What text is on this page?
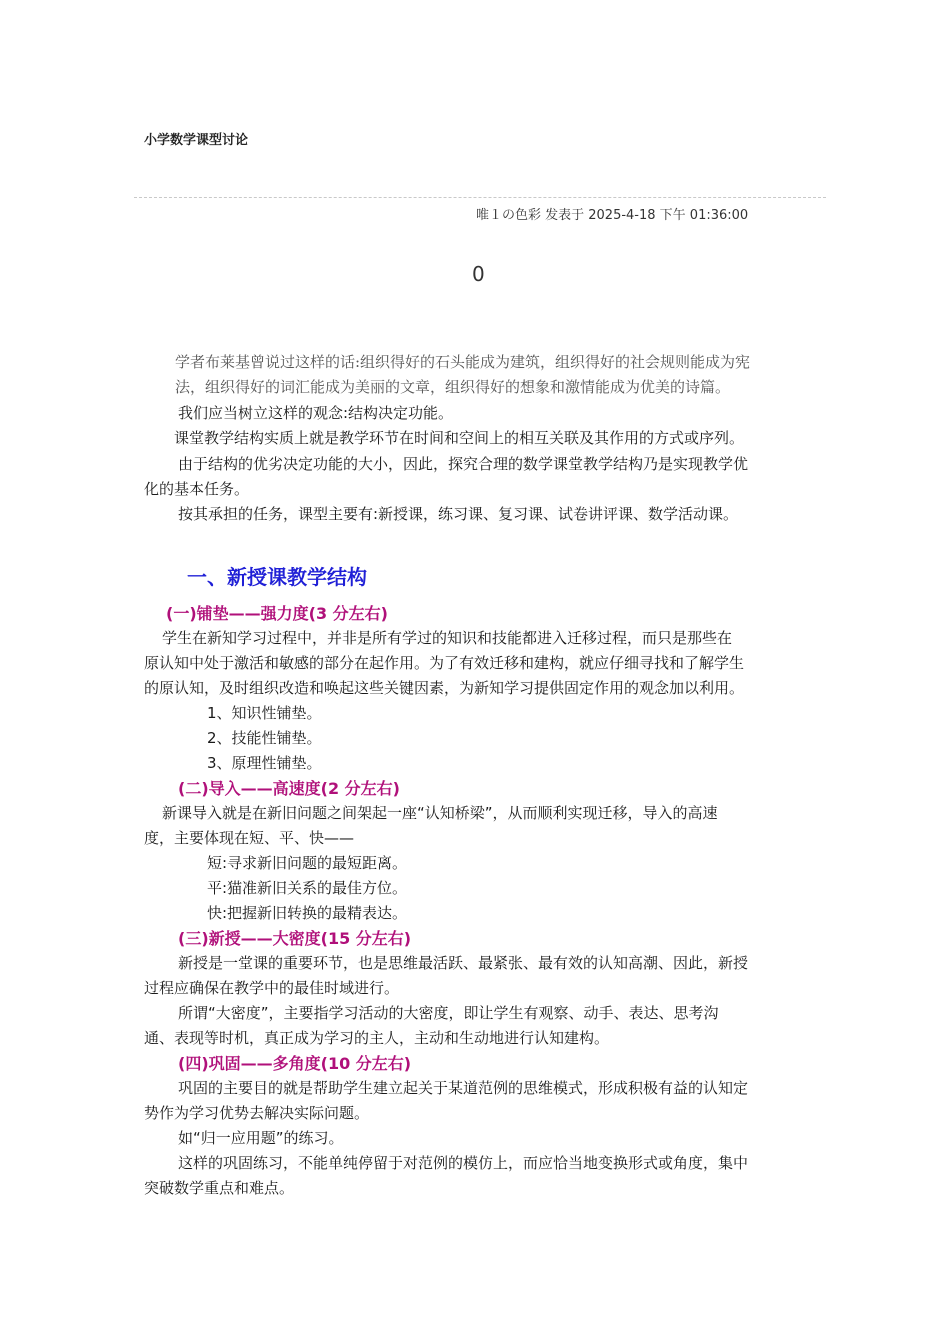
小学数学课型讨论
唯１の色彩 发表于 2025-4-18 下午 01:36:00
0
学者布莱基曾说过这样的话:组织得好的石头能成为建筑，组织得好的社会规则能成为宪
法，组织得好的词汇能成为美丽的文章，组织得好的想象和激情能成为优美的诗篇。
我们应当树立这样的观念:结构决定功能。
课堂教学结构实质上就是教学环节在时间和空间上的相互关联及其作用的方式或序列。
由于结构的优劣决定功能的大小，因此，探究合理的数学课堂教学结构乃是实现教学优
化的基本任务。
按其承担的任务，课型主要有:新授课，练习课、复习课、试卷讲评课、数学活动课。
一、新授课教学结构
(一)铺垫——强力度(3 分左右)
学生在新知学习过程中，并非是所有学过的知识和技能都进入迁移过程，而只是那些在
原认知中处于激活和敏感的部分在起作用。为了有效迁移和建构，就应仔细寻找和了解学生
的原认知，及时组织改造和唤起这些关键因素，为新知学习提供固定作用的观念加以利用。
1、知识性铺垫。
2、技能性铺垫。
3、原理性铺垫。
(二)导入——高速度(2 分左右)
新课导入就是在新旧问题之间架起一座“认知桥梁”，从而顺利实现迁移，导入的高速
度，主要体现在短、平、快——
短:寻求新旧问题的最短距离。
平:猫准新旧关系的最佳方位。
快:把握新旧转换的最精表达。
(三)新授——大密度(15 分左右)
新授是一堂课的重要环节，也是思维最活跃、最紧张、最有效的认知高潮、因此，新授
过程应确保在教学中的最佳时域进行。
所谓“大密度”，主要指学习活动的大密度，即让学生有观察、动手、表达、思考沟
通、表现等时机，真正成为学习的主人，主动和生动地进行认知建构。
(四)巩固——多角度(10 分左右)
巩固的主要目的就是帮助学生建立起关于某道范例的思维模式，形成积极有益的认知定
势作为学习优势去解决实际问题。
如“归一应用题”的练习。
这样的巩固练习，不能单纯停留于对范例的模仿上，而应恰当地变换形式或角度，集中
突破数学重点和难点。
